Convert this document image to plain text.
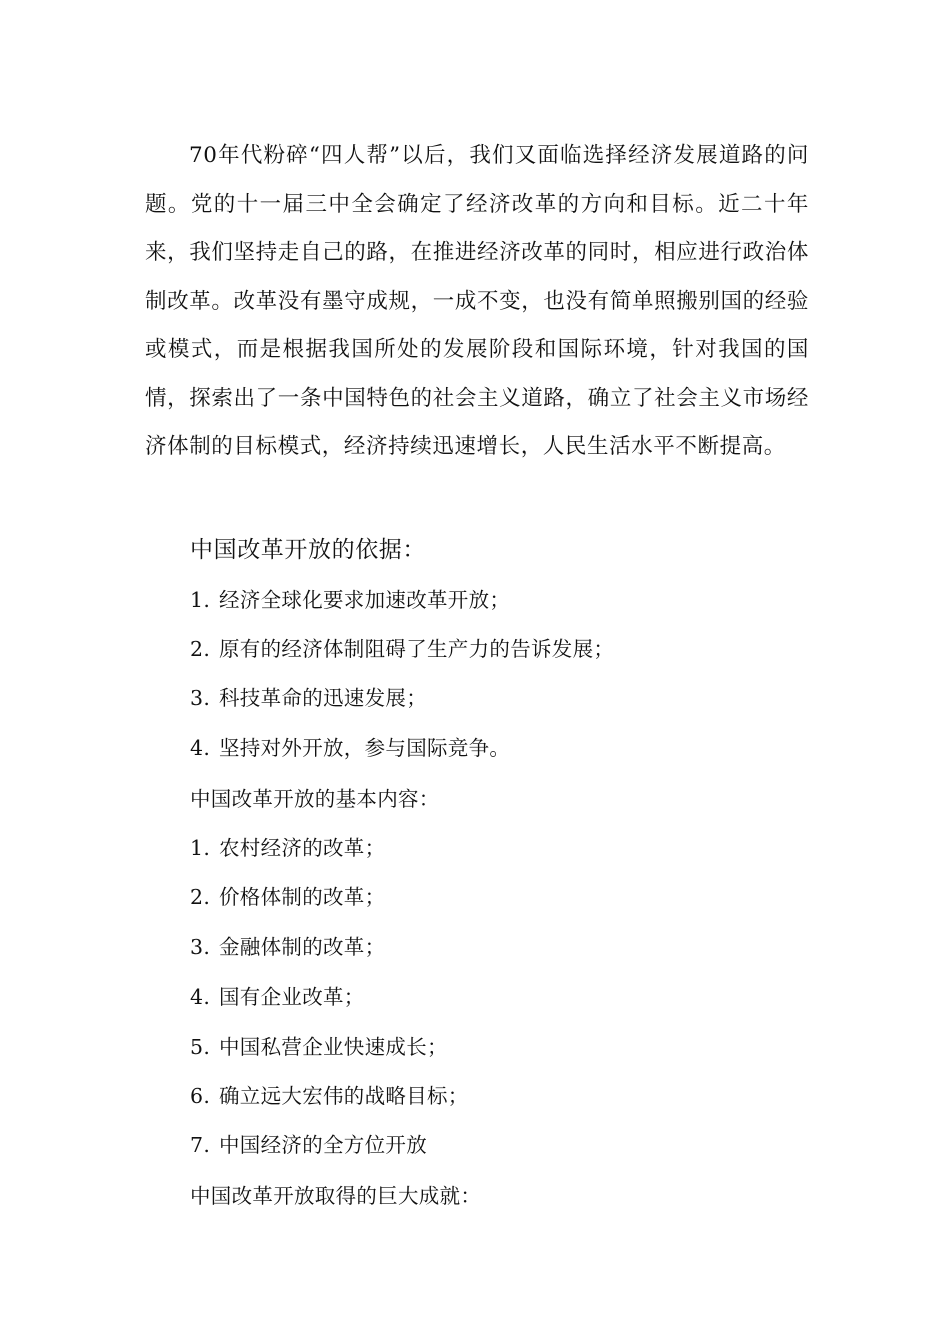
70年代粉碎“四人帮”以后，我们又面临选择经济发展道路的问题。党的十一届三中全会确定了经济改革的方向和目标。近二十年来，我们坚持走自己的路，在推进经济改革的同时，相应进行政治体制改革。改革没有墨守成规，一成不变，也没有简单照搬别国的经验或模式，而是根据我国所处的发展阶段和国际环境，针对我国的国情，探索出了一条中国特色的社会主义道路，确立了社会主义市场经济体制的目标模式，经济持续迅速增长，人民生活水平不断提高。

中国改革开放的依据：
1. 经济全球化要求加速改革开放；
2. 原有的经济体制阻碍了生产力的告诉发展；
3. 科技革命的迅速发展；
4. 坚持对外开放，参与国际竞争。
中国改革开放的基本内容：
1. 农村经济的改革；
2. 价格体制的改革；
3. 金融体制的改革；
4. 国有企业改革；
5. 中国私营企业快速成长；
6. 确立远大宏伟的战略目标；
7. 中国经济的全方位开放
中国改革开放取得的巨大成就：
